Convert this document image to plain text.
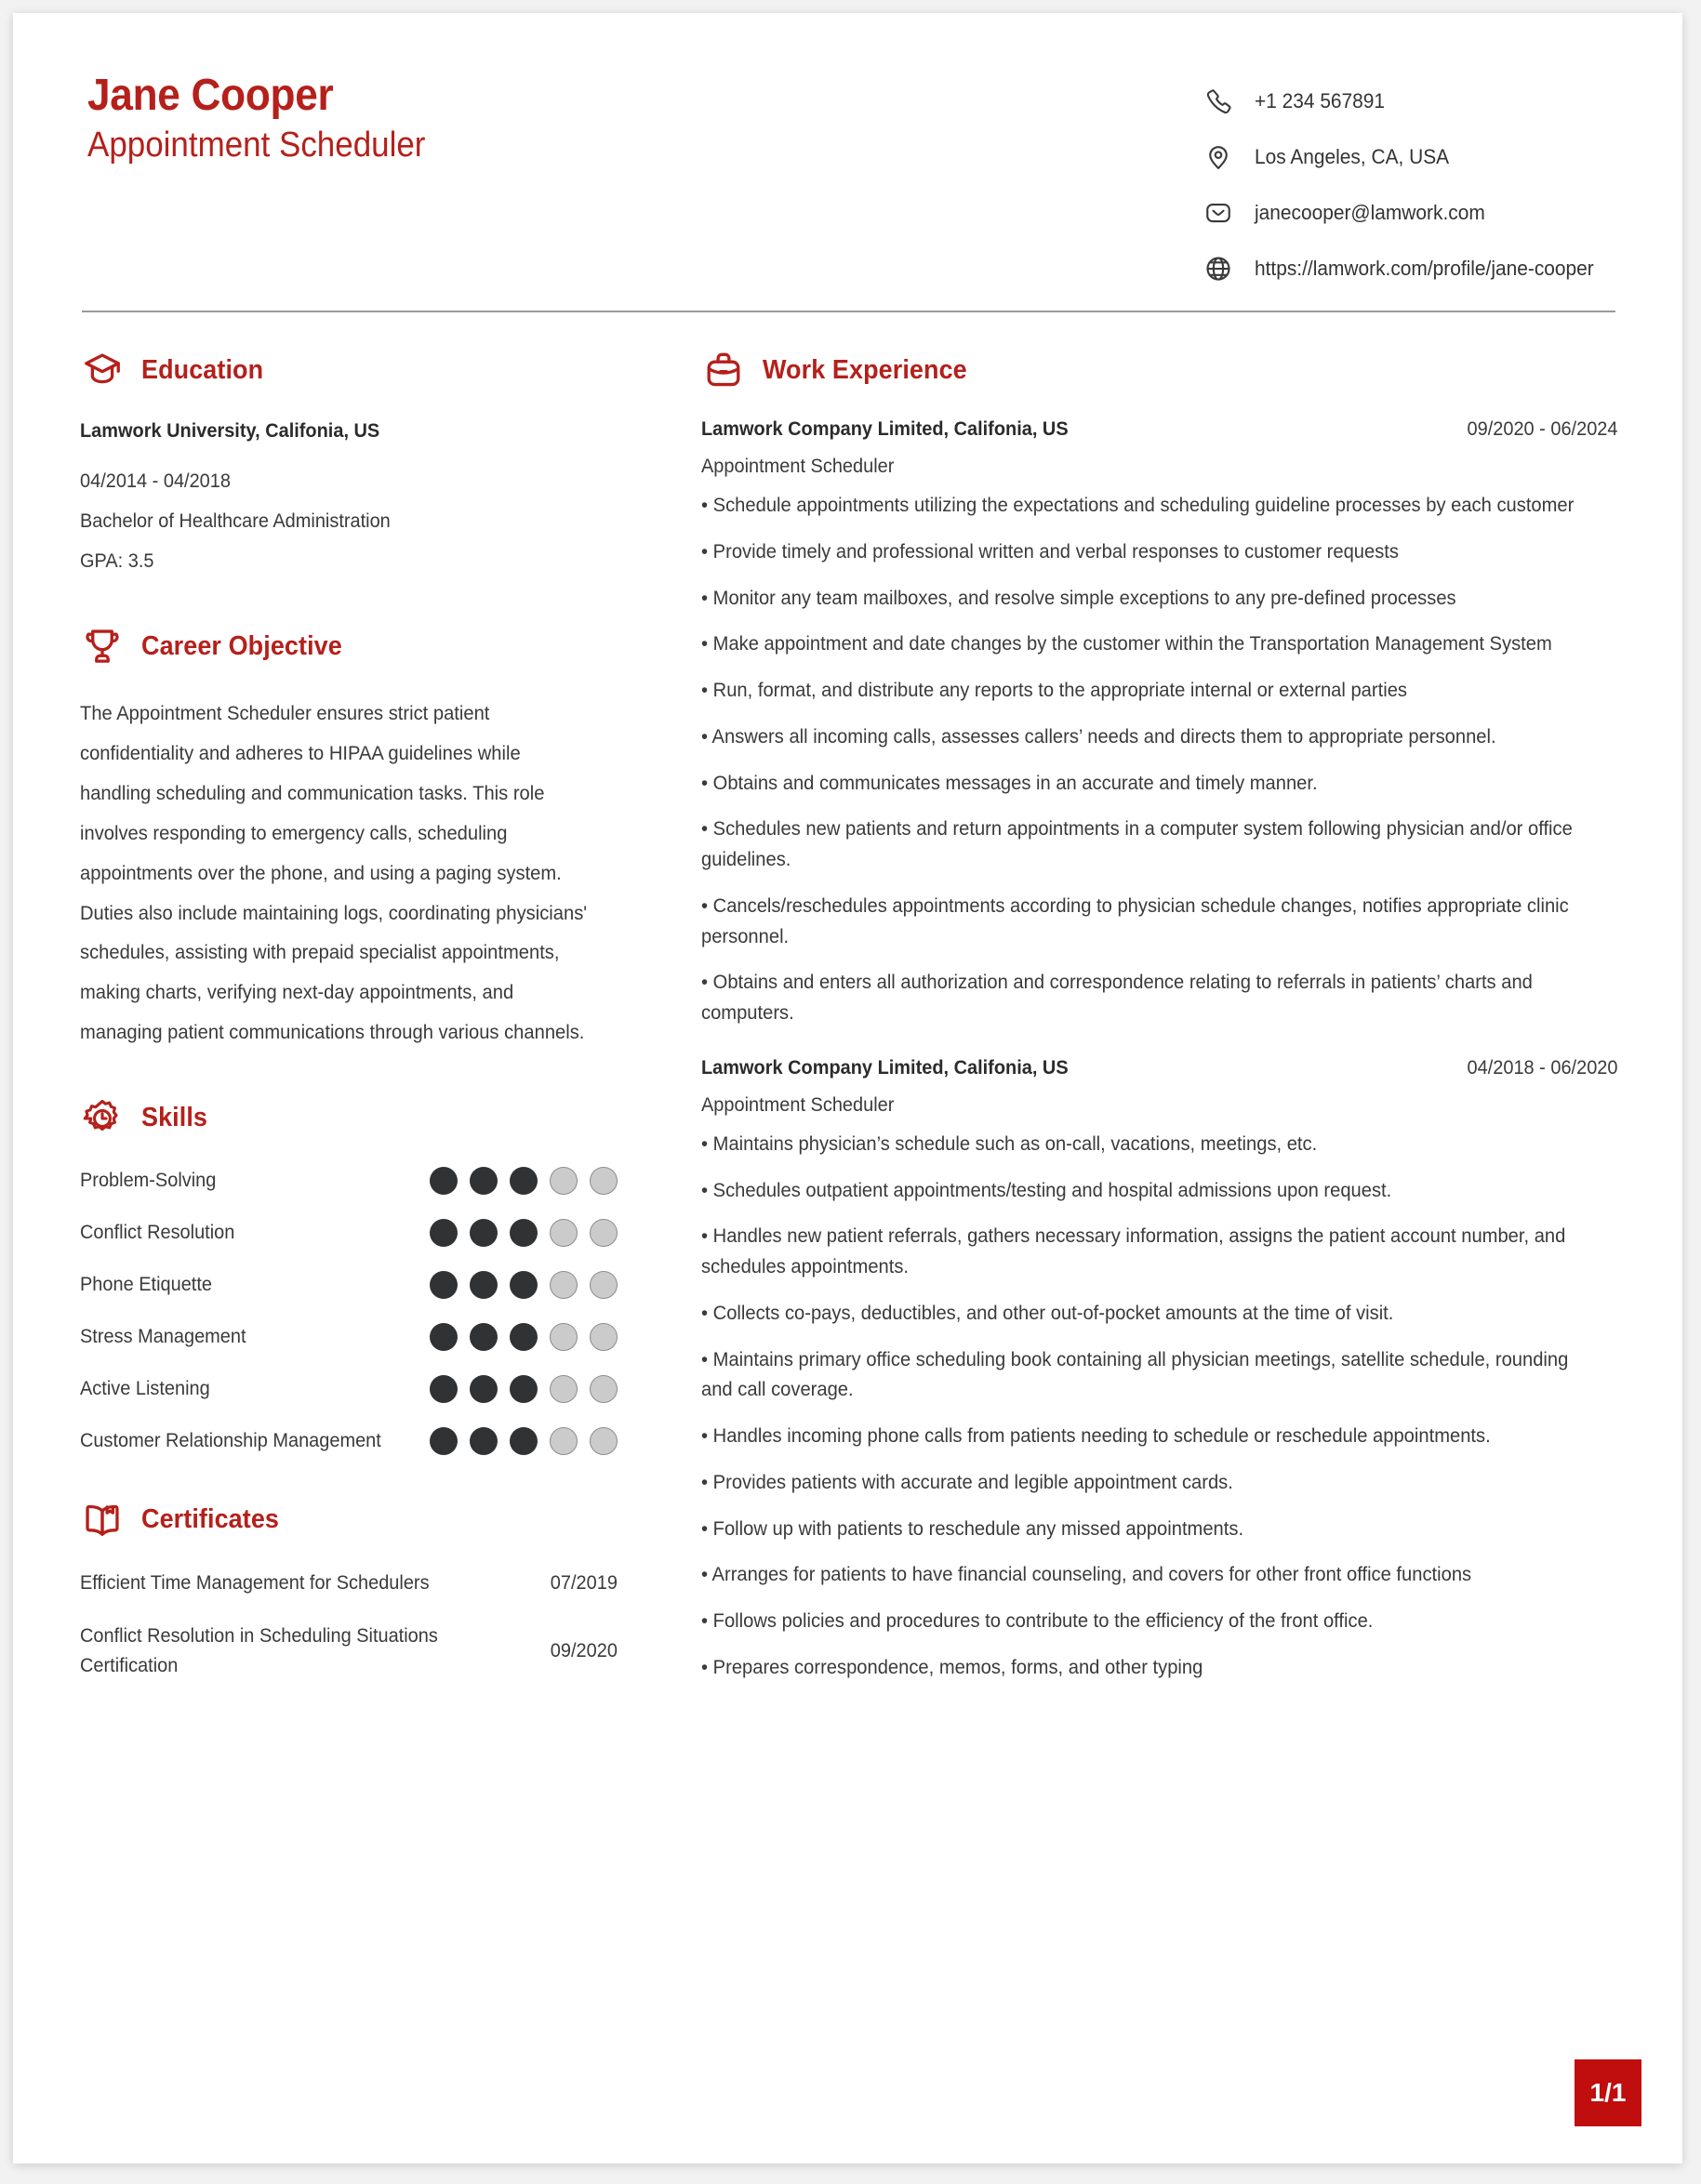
Jane Cooper
Appointment Scheduler
+1 234 567891
Los Angeles, CA, USA
janecooper@lamwork.com
https://lamwork.com/profile/jane-cooper
Education
Lamwork University, Califonia, US
04/2014 - 04/2018
Bachelor of Healthcare Administration
GPA: 3.5
Career Objective
The Appointment Scheduler ensures strict patient confidentiality and adheres to HIPAA guidelines while handling scheduling and communication tasks. This role involves responding to emergency calls, scheduling appointments over the phone, and using a paging system. Duties also include maintaining logs, coordinating physicians' schedules, assisting with prepaid specialist appointments, making charts, verifying next-day appointments, and managing patient communications through various channels.
Skills
Problem-Solving
Conflict Resolution
Phone Etiquette
Stress Management
Active Listening
Customer Relationship Management
Certificates
Efficient Time Management for Schedulers	07/2019
Conflict Resolution in Scheduling Situations Certification
09/2020
Work Experience
Lamwork Company Limited, Califonia, US	09/2020 - 06/2024
Appointment Scheduler
• Schedule appointments utilizing the expectations and scheduling guideline processes by each customer
• Provide timely and professional written and verbal responses to customer requests
• Monitor any team mailboxes, and resolve simple exceptions to any pre-defined processes
• Make appointment and date changes by the customer within the Transportation Management System
• Run, format, and distribute any reports to the appropriate internal or external parties
• Answers all incoming calls, assesses callers’ needs and directs them to appropriate personnel.
• Obtains and communicates messages in an accurate and timely manner.
• Schedules new patients and return appointments in a computer system following physician and/or office guidelines.
• Cancels/reschedules appointments according to physician schedule changes, notifies appropriate clinic personnel.
• Obtains and enters all authorization and correspondence relating to referrals in patients’ charts and computers.
Lamwork Company Limited, Califonia, US	04/2018 - 06/2020
Appointment Scheduler
• Maintains physician’s schedule such as on-call, vacations, meetings, etc.
• Schedules outpatient appointments/testing and hospital admissions upon request.
• Handles new patient referrals, gathers necessary information, assigns the patient account number, and schedules appointments.
• Collects co-pays, deductibles, and other out-of-pocket amounts at the time of visit.
• Maintains primary office scheduling book containing all physician meetings, satellite schedule, rounding and call coverage.
• Handles incoming phone calls from patients needing to schedule or reschedule appointments.
• Provides patients with accurate and legible appointment cards.
• Follow up with patients to reschedule any missed appointments.
• Arranges for patients to have financial counseling, and covers for other front office functions
• Follows policies and procedures to contribute to the efficiency of the front office.
• Prepares correspondence, memos, forms, and other typing
1/1
